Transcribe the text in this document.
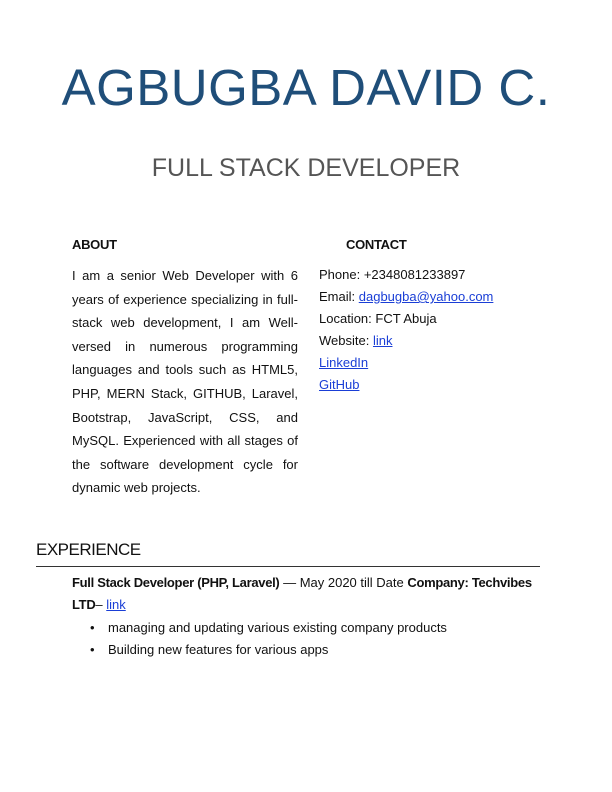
AGBUGBA DAVID C.
FULL STACK DEVELOPER
ABOUT	CONTACT

I am a senior Web Developer with 6 years of experience specializing in full-stack web development, I am Well-versed in numerous programming languages and tools such as HTML5, PHP, MERN Stack, GITHUB, Laravel, Bootstrap, JavaScript, CSS, and MySQL. Experienced with all stages of the software development cycle for dynamic web projects.

Phone: +2348081233897
Email: dagbugba@yahoo.com
Location: FCT Abuja
Website: link
LinkedIn
GitHub
EXPERIENCE
Full Stack Developer (PHP, Laravel) — May 2020 till Date Company: Techvibes LTD– link
• managing and updating various existing company products
• Building new features for various apps
